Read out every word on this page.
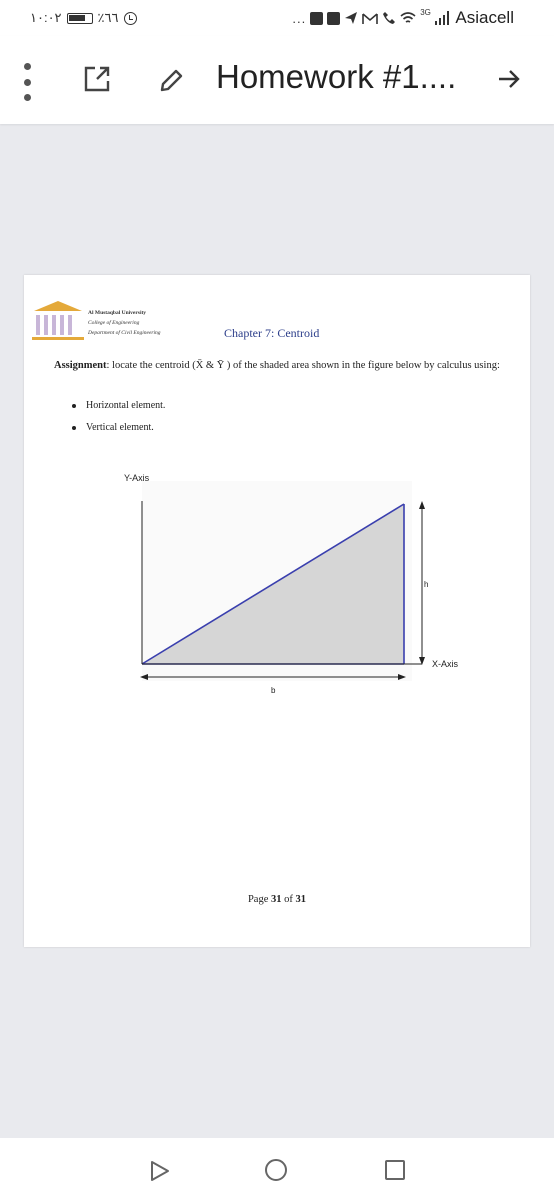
١٠:٠٢	٪٦٦	...	3G Asiacell
Homework #1....
Al Mustaqbal University
College of Engineering
Department of Civil Engineering	Chapter 7: Centroid
Assignment: locate the centroid (X̄ & Ȳ ) of the shaded area shown in the figure below by calculus using:
Horizontal element.
Vertical element.
Y-Axis
X-Axis
h
b
Page 31 of 31
